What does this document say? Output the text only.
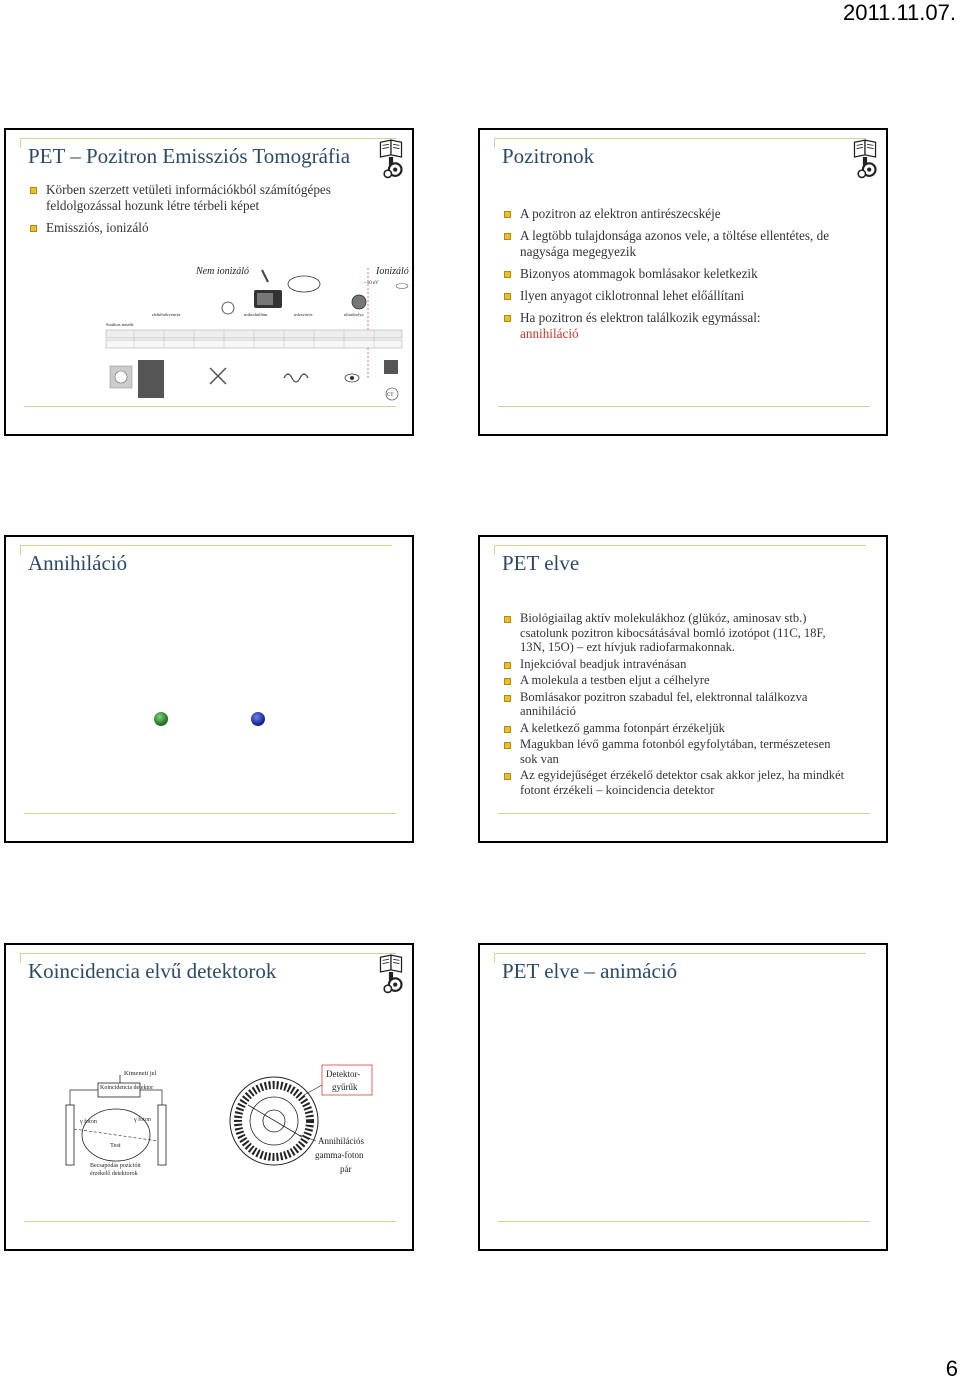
2011.11.07.
PET – Pozitron Emissziós Tomográfia
Körben szerzett vetületi információkból számítógépes feldolgozással hozunk létre térbeli képet
Emissziós, ionizáló
Nem ionizáló	Ionizáló
~10 eV
Statikus mezők
rádiófrekvencia	mikrohullám	infravörös	ultraibolya
CT
Pozitronok
A pozitron az elektron antirészecskéje
A legtöbb tulajdonsága azonos vele, a töltése ellentétes, de nagysága megegyezik
Bizonyos atommagok bomlásakor keletkezik
Ilyen anyagot ciklotronnal lehet előállítani
Ha pozitron és elektron találkozik egymással:
annihiláció
Annihiláció	PET elve
Biológiailag aktív molekulákhoz (glükóz, aminosav stb.) csatolunk pozitron kibocsátásával bomló izotópot (11C, 18F, 13N, 15O) – ezt hívjuk radiofarmakonnak.
Injekcióval beadjuk intravénásan
A molekula a testben eljut a célhelyre
Bomlásakor pozitron szabadul fel, elektronnal találkozva annihiláció
A keletkező gamma fotonpárt érzékeljük
Magukban lévő gamma fotonból egyfolytában, természetesen sok van
Az egyidejűséget érzékelő detektor csak akkor jelez, ha mindkét fotont érzékeli – koincidencia detektor
Koincidencia elvű detektorok
Kimeneti jel
Koincidencia detektor
γ foton	γ foton
Test
Becsapódás pozícióit
érzékelő detektorok
Detektor-
gyűrűk
Annihilációs
gamma-foton
pár
PET elve – animáció
6
